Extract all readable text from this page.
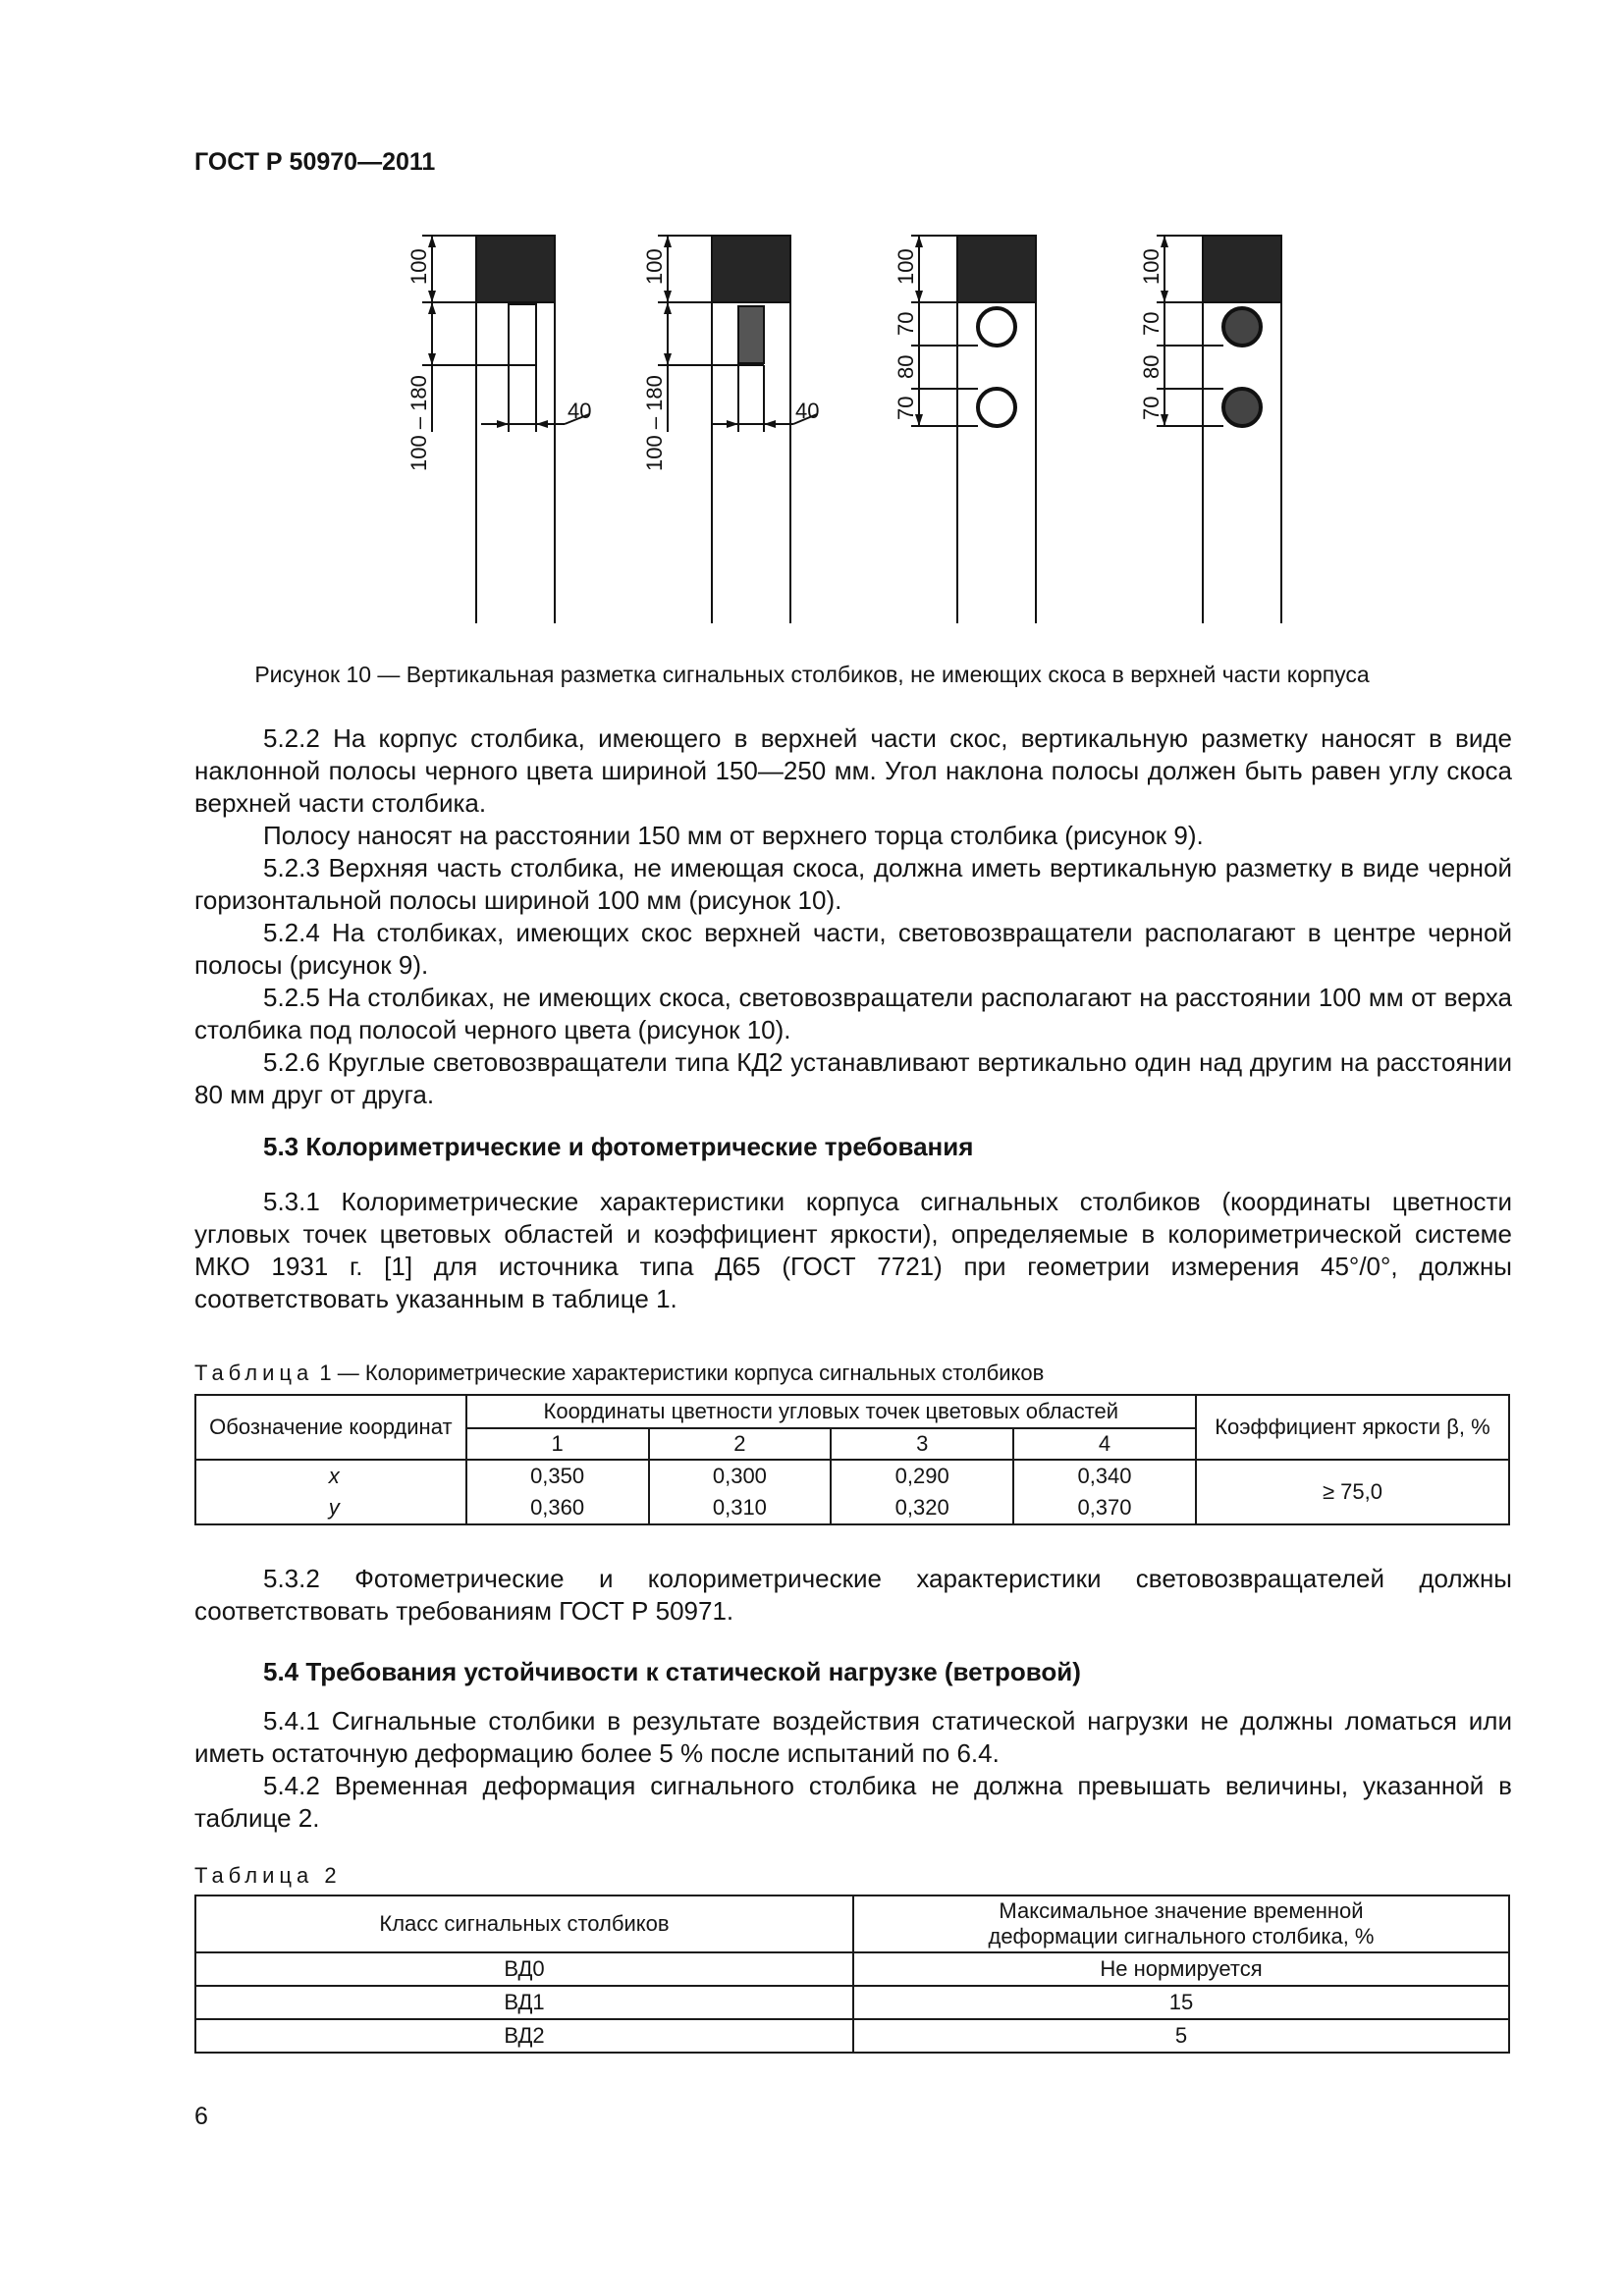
ГОСТ Р 50970—2011
100
100 – 180	40
100
100 – 180	40
100
70
80
70
100
70
80
70
Рисунок 10 — Вертикальная разметка сигнальных столбиков, не имеющих скоса в верхней части корпуса
5.2.2 На корпус столбика, имеющего в верхней части скос, вертикальную разметку наносят в виде наклонной полосы черного цвета шириной 150—250 мм. Угол наклона полосы должен быть равен углу скоса верхней части столбика.
Полосу наносят на расстоянии 150 мм от верхнего торца столбика (рисунок 9).
5.2.3 Верхняя часть столбика, не имеющая скоса, должна иметь вертикальную разметку в виде черной горизонтальной полосы шириной 100 мм (рисунок 10).
5.2.4 На столбиках, имеющих скос верхней части, световозвращатели располагают в центре черной полосы (рисунок 9).
5.2.5 На столбиках, не имеющих скоса, световозвращатели располагают на расстоянии 100 мм от верха столбика под полосой черного цвета (рисунок 10).
5.2.6 Круглые световозвращатели типа КД2 устанавливают вертикально один над другим на расстоянии 80 мм друг от друга.
5.3 Колориметрические и фотометрические требования
5.3.1 Колориметрические характеристики корпуса сигнальных столбиков (координаты цветности угловых точек цветовых областей и коэффициент яркости), определяемые в колориметрической системе МКО 1931 г. [1] для источника типа Д65 (ГОСТ 7721) при геометрии измерения 45°/0°, должны соответствовать указанным в таблице 1.
Таблица 1 — Колориметрические характеристики корпуса сигнальных столбиков
Обозначение координат	Координаты цветности угловых точек цветовых областей				Коэффициент яркости β, %
	1	2	3	4	
x	0,350	0,300	0,290	0,340	≥ 75,0
y	0,360	0,310	0,320	0,370	
5.3.2 Фотометрические и колориметрические характеристики световозвращателей должны соответствовать требованиям ГОСТ Р 50971.
5.4 Требования устойчивости к статической нагрузке (ветровой)
5.4.1 Сигнальные столбики в результате воздействия статической нагрузки не должны ломаться или иметь остаточную деформацию более 5 % после испытаний по 6.4.
5.4.2 Временная деформация сигнального столбика не должна превышать величины, указанной в таблице 2.
Таблица 2
Класс сигнальных столбиков	Максимальное значение временной деформации сигнального столбика, %
ВД0	Не нормируется
ВД1	15
ВД2	5
6
